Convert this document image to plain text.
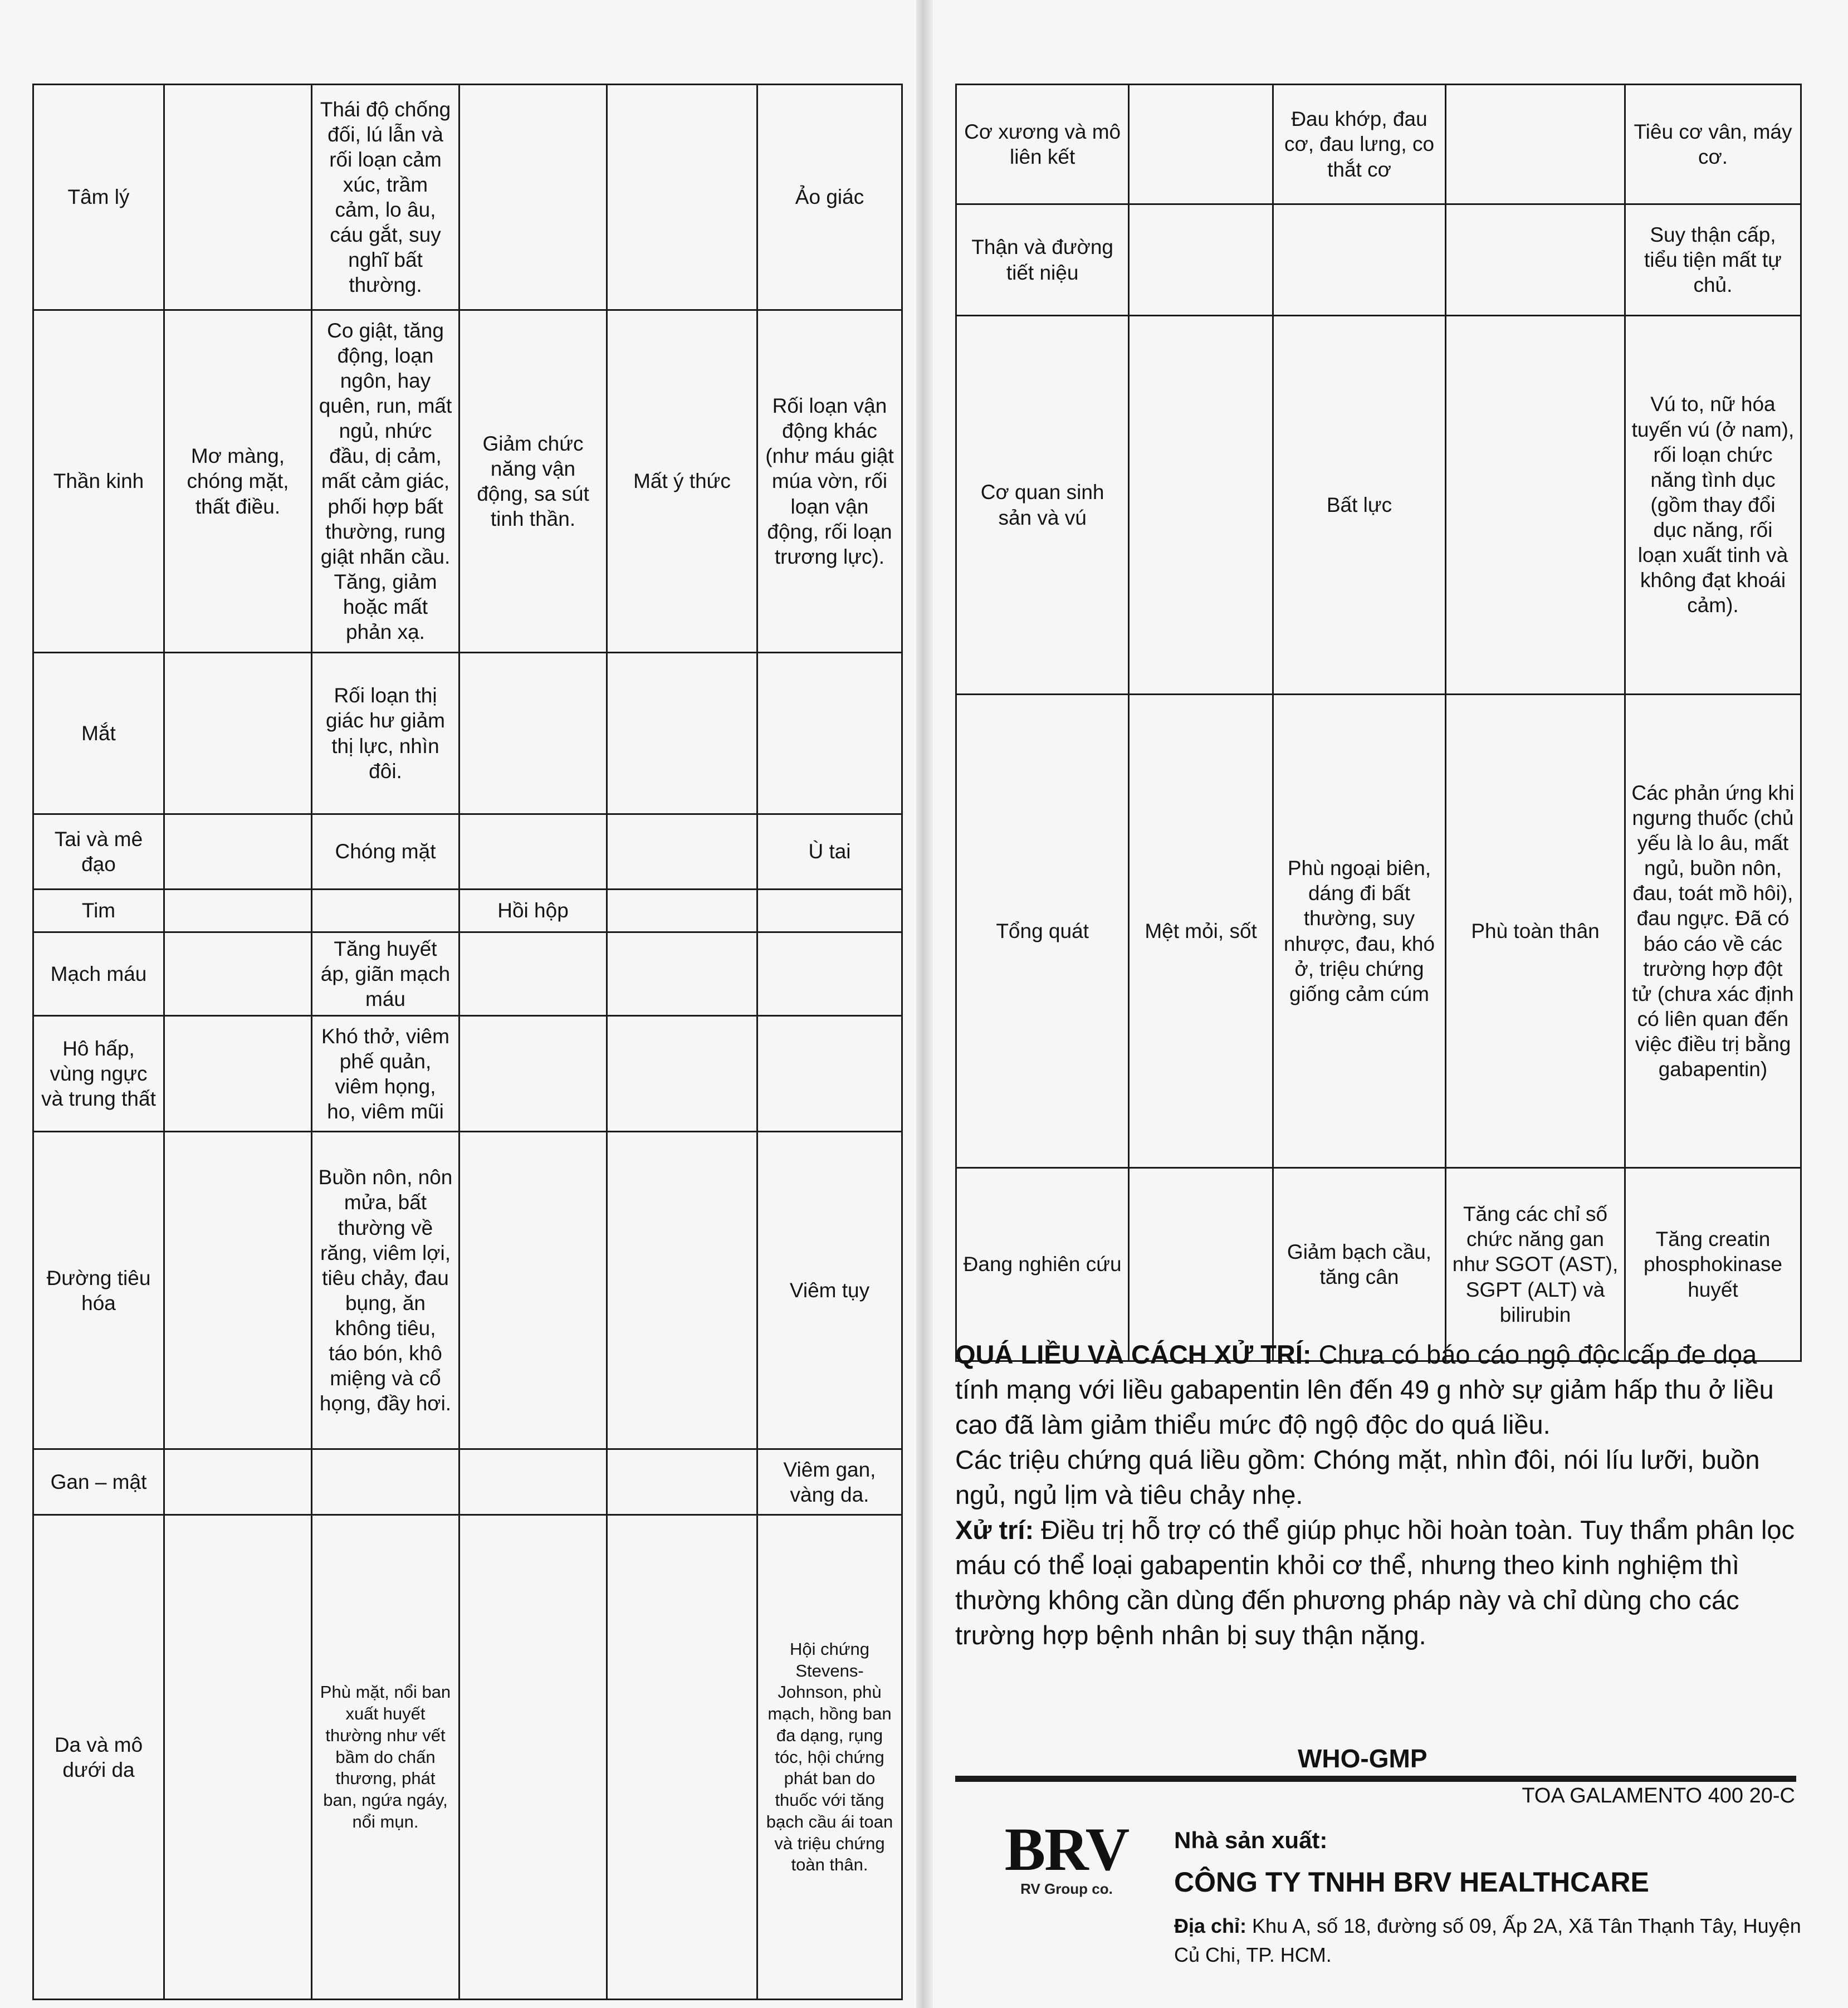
Tâm lý		Thái độ chống đối, lú lẫn và rối loạn cảm xúc, trầm cảm, lo âu, cáu gắt, suy nghĩ bất thường.			Ảo giác
Thần kinh	Mơ màng, chóng mặt, thất điều.	Co giật, tăng động, loạn ngôn, hay quên, run, mất ngủ, nhức đầu, dị cảm, mất cảm giác, phối hợp bất thường, rung giật nhãn cầu. Tăng, giảm hoặc mất phản xạ.	Giảm chức năng vận động, sa sút tinh thần.	Mất ý thức	Rối loạn vận động khác (như máu giật múa vờn, rối loạn vận động, rối loạn trương lực).
Mắt		Rối loạn thị giác hư giảm thị lực, nhìn đôi.			
Tai và mê đạo		Chóng mặt			Ù tai
Tim			Hồi hộp		
Mạch máu		Tăng huyết áp, giãn mạch máu			
Hô hấp, vùng ngực và trung thất		Khó thở, viêm phế quản, viêm họng, ho, viêm mũi			
Đường tiêu hóa		Buồn nôn, nôn mửa, bất thường về răng, viêm lợi, tiêu chảy, đau bụng, ăn không tiêu, táo bón, khô miệng và cổ họng, đầy hơi.			Viêm tụy
Gan – mật					Viêm gan, vàng da.
Da và mô dưới da		Phù mặt, nổi ban xuất huyết thường như vết bầm do chấn thương, phát ban, ngứa ngáy, nổi mụn.			Hội chứng Stevens-Johnson, phù mạch, hồng ban đa dạng, rụng tóc, hội chứng phát ban do thuốc với tăng bạch cầu ái toan và triệu chứng toàn thân.
Cơ xương và mô liên kết		Đau khớp, đau cơ, đau lưng, co thắt cơ		Tiêu cơ vân, máy cơ.
Thận và đường tiết niệu				Suy thận cấp, tiểu tiện mất tự chủ.
Cơ quan sinh sản và vú		Bất lực		Vú to, nữ hóa tuyến vú (ở nam), rối loạn chức năng tình dục (gồm thay đổi dục năng, rối loạn xuất tinh và không đạt khoái cảm).
Tổng quát	Mệt mỏi, sốt	Phù ngoại biên, dáng đi bất thường, suy nhược, đau, khó ở, triệu chứng giống cảm cúm	Phù toàn thân	Các phản ứng khi ngưng thuốc (chủ yếu là lo âu, mất ngủ, buồn nôn, đau, toát mồ hôi), đau ngực. Đã có báo cáo về các trường hợp đột tử (chưa xác định có liên quan đến việc điều trị bằng gabapentin)
Đang nghiên cứu		Giảm bạch cầu, tăng cân	Tăng các chỉ số chức năng gan như SGOT (AST), SGPT (ALT) và bilirubin	Tăng creatin phosphokinase huyết

QUÁ LIỀU VÀ CÁCH XỬ TRÍ: Chưa có báo cáo ngộ độc cấp đe dọa tính mạng với liều gabapentin lên đến 49 g nhờ sự giảm hấp thu ở liều cao đã làm giảm thiểu mức độ ngộ độc do quá liều.

Các triệu chứng quá liều gồm: Chóng mặt, nhìn đôi, nói líu lưỡi, buồn ngủ, ngủ lịm và tiêu chảy nhẹ.

Xử trí: Điều trị hỗ trợ có thể giúp phục hồi hoàn toàn. Tuy thẩm phân lọc máu có thể loại gabapentin khỏi cơ thể, nhưng theo kinh nghiệm thì thường không cần dùng đến phương pháp này và chỉ dùng cho các trường hợp bệnh nhân bị suy thận nặng.

WHO-GMP
TOA GALAMENTO 400 20-C
BRV
RV Group co.
Nhà sản xuất:
CÔNG TY TNHH BRV HEALTHCARE
Địa chỉ: Khu A, số 18, đường số 09, Ấp 2A, Xã Tân Thạnh Tây, Huyện Củ Chi, TP. HCM.
